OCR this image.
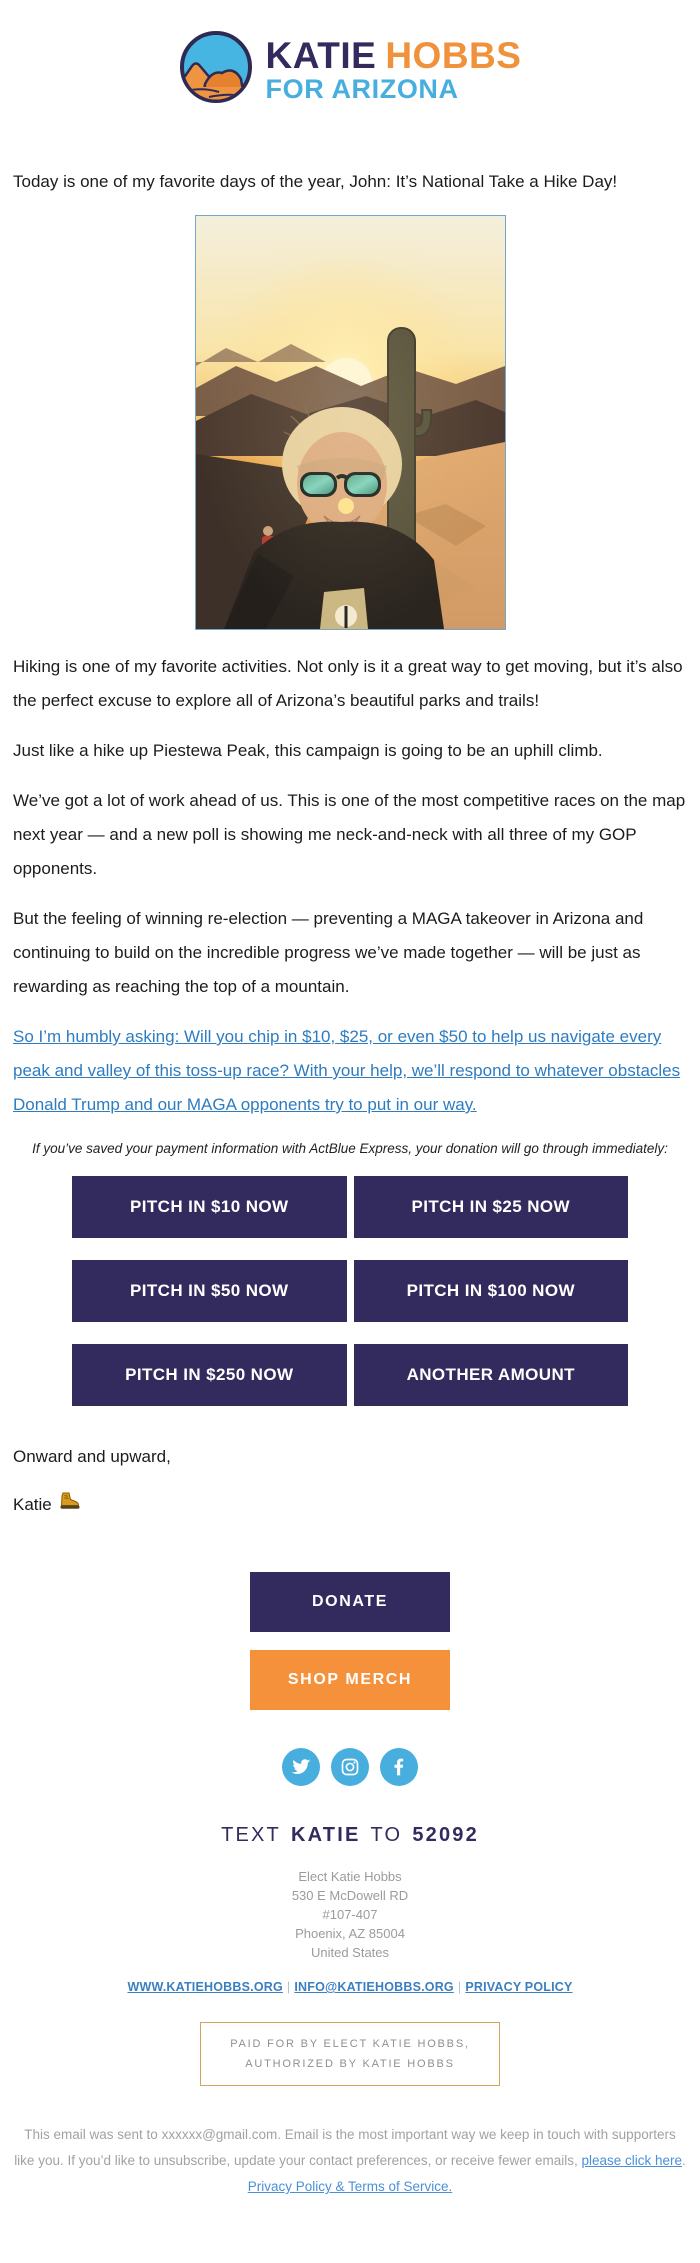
KATIE HOBBS
FOR ARIZONA

Today is one of my favorite days of the year, John: It’s National Take a Hike Day!

Hiking is one of my favorite activities. Not only is it a great way to get moving, but it’s also the perfect excuse to explore all of Arizona’s beautiful parks and trails!

Just like a hike up Piestewa Peak, this campaign is going to be an uphill climb.

We’ve got a lot of work ahead of us. This is one of the most competitive races on the map next year — and a new poll is showing me neck-and-neck with all three of my GOP opponents.

But the feeling of winning re-election — preventing a MAGA takeover in Arizona and continuing to build on the incredible progress we’ve made together — will be just as rewarding as reaching the top of a mountain.

So I’m humbly asking: Will you chip in $10, $25, or even $50 to help us navigate every peak and valley of this toss-up race? With your help, we’ll respond to whatever obstacles Donald Trump and our MAGA opponents try to put in our way.

If you’ve saved your payment information with ActBlue Express, your donation will go through immediately:

PITCH IN $10 NOW	PITCH IN $25 NOW
PITCH IN $50 NOW	PITCH IN $100 NOW
PITCH IN $250 NOW	ANOTHER AMOUNT

Onward and upward,

Katie

DONATE
SHOP MERCH
TEXT KATIE TO 52092
Elect Katie Hobbs
530 E McDowell RD
#107-407
Phoenix, AZ 85004
United States
WWW.KATIEHOBBS.ORG | INFO@KATIEHOBBS.ORG | PRIVACY POLICY
PAID FOR BY ELECT KATIE HOBBS,
AUTHORIZED BY KATIE HOBBS

This email was sent to xxxxxx@gmail.com. Email is the most important way we keep in touch with supporters like you. If you’d like to unsubscribe, update your contact preferences, or receive fewer emails, please click here. Privacy Policy & Terms of Service.
